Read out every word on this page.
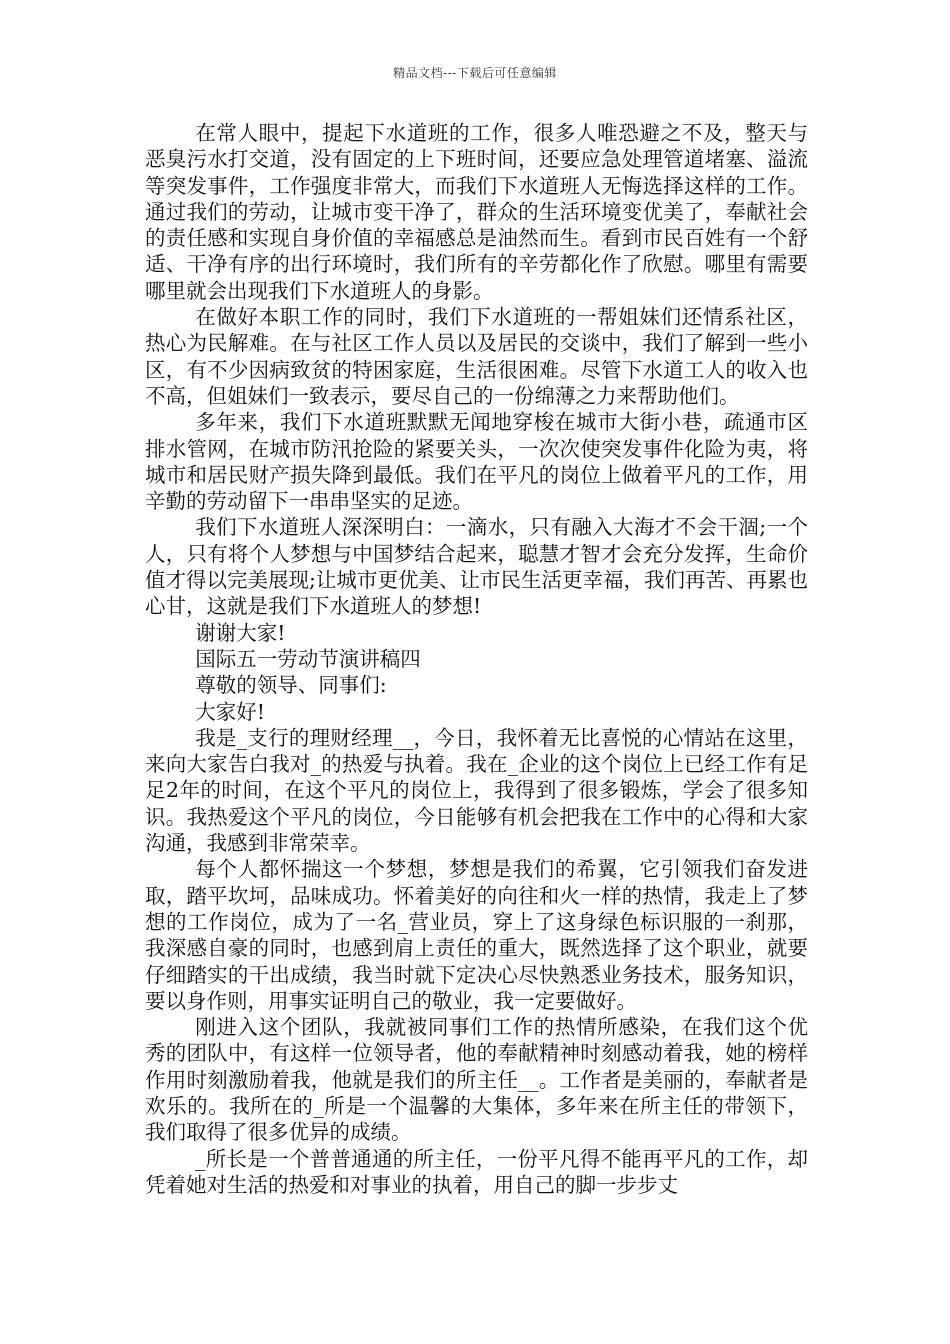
精品文档---下载后可任意编辑

在常人眼中，提起下水道班的工作，很多人唯恐避之不及，整天与恶臭污水打交道，没有固定的上下班时间，还要应急处理管道堵塞、溢流等突发事件，工作强度非常大，而我们下水道班人无悔选择这样的工作。通过我们的劳动，让城市变干净了，群众的生活环境变优美了，奉献社会的责任感和实现自身价值的幸福感总是油然而生。看到市民百姓有一个舒适、干净有序的出行环境时，我们所有的辛劳都化作了欣慰。哪里有需要哪里就会出现我们下水道班人的身影。

在做好本职工作的同时，我们下水道班的一帮姐妹们还情系社区，热心为民解难。在与社区工作人员以及居民的交谈中，我们了解到一些小区，有不少因病致贫的特困家庭，生活很困难。尽管下水道工人的收入也不高，但姐妹们一致表示，要尽自己的一份绵薄之力来帮助他们。

多年来，我们下水道班默默无闻地穿梭在城市大街小巷，疏通市区排水管网，在城市防汛抢险的紧要关头，一次次使突发事件化险为夷，将城市和居民财产损失降到最低。我们在平凡的岗位上做着平凡的工作，用辛勤的劳动留下一串串坚实的足迹。

我们下水道班人深深明白：一滴水，只有融入大海才不会干涸;一个人，只有将个人梦想与中国梦结合起来，聪慧才智才会充分发挥，生命价值才得以完美展现;让城市更优美、让市民生活更幸福，我们再苦、再累也心甘，这就是我们下水道班人的梦想!

谢谢大家!

国际五一劳动节演讲稿四

尊敬的领导、同事们:

大家好!

我是_支行的理财经理__，今日，我怀着无比喜悦的心情站在这里，来向大家告白我对_的热爱与执着。我在_企业的这个岗位上已经工作有足足2年的时间，在这个平凡的岗位上，我得到了很多锻炼，学会了很多知识。我热爱这个平凡的岗位，今日能够有机会把我在工作中的心得和大家沟通，我感到非常荣幸。

每个人都怀揣这一个梦想，梦想是我们的希翼，它引领我们奋发进取，踏平坎坷，品味成功。怀着美好的向往和火一样的热情，我走上了梦想的工作岗位，成为了一名_营业员，穿上了这身绿色标识服的一刹那，我深感自豪的同时，也感到肩上责任的重大，既然选择了这个职业，就要仔细踏实的干出成绩，我当时就下定决心尽快熟悉业务技术，服务知识，要以身作则，用事实证明自己的敬业，我一定要做好。

刚进入这个团队，我就被同事们工作的热情所感染，在我们这个优秀的团队中，有这样一位领导者，他的奉献精神时刻感动着我，她的榜样作用时刻激励着我，他就是我们的所主任__。工作者是美丽的，奉献者是欢乐的。我所在的_所是一个温馨的大集体，多年来在所主任的带领下，我们取得了很多优异的成绩。

_所长是一个普普通通的所主任，一份平凡得不能再平凡的工作，却凭着她对生活的热爱和对事业的执着，用自己的脚一步步丈
